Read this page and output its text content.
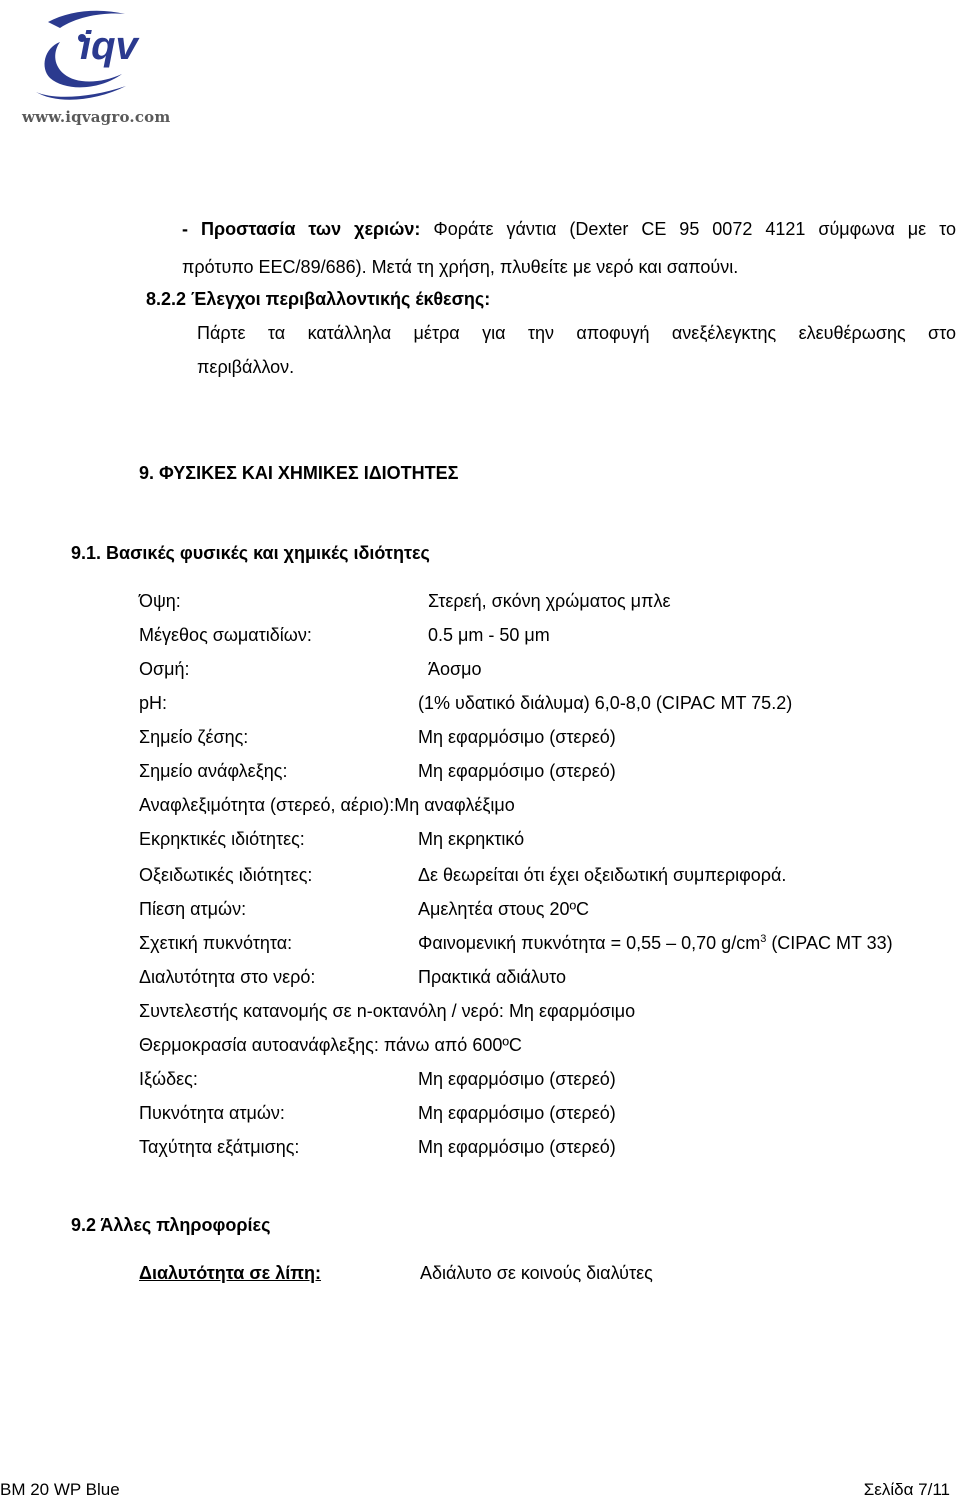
iqv
www.iqvagro.com
- Προστασία των χεριών: Φοράτε γάντια (Dexter CE 95 0072 4121 σύμφωνα με το
πρότυπο EEC/89/686). Μετά τη χρήση, πλυθείτε με νερό και σαπούνι.
8.2.2 Έλεγχοι περιβαλλοντικής έκθεσης:
Πάρτε τα κατάλληλα μέτρα για την αποφυγή ανεξέλεγκτης ελευθέρωσης στο
περιβάλλον.
9. ΦΥΣΙΚΕΣ ΚΑΙ ΧΗΜΙΚΕΣ ΙΔΙΟΤΗΤΕΣ
9.1. Βασικές φυσικές και χημικές ιδιότητες
Όψη:	Στερεή, σκόνη χρώματος μπλε
Μέγεθος σωματιδίων:	0.5 μm - 50 μm
Οσμή:	Άοσμο
pH:	(1% υδατικό διάλυμα) 6,0-8,0 (CIPAC MT 75.2)
Σημείο ζέσης:	Μη εφαρμόσιμο (στερεό)
Σημείο ανάφλεξης:	Μη εφαρμόσιμο (στερεό)
Αναφλεξιμότητα (στερεό, αέριο):Μη αναφλέξιμο
Εκρηκτικές ιδιότητες:	Μη εκρηκτικό
Οξειδωτικές ιδιότητες:	Δε θεωρείται ότι έχει οξειδωτική συμπεριφορά.
Πίεση ατμών:	Αμελητέα στους 20ºC
Σχετική πυκνότητα:	Φαινομενική πυκνότητα = 0,55 – 0,70 $g/cm^3$ (CIPAC MT 33)
Διαλυτότητα στο νερό:	Πρακτικά αδιάλυτο
Συντελεστής κατανομής σε n-οκτανόλη / νερό: Μη εφαρμόσιμο
Θερμοκρασία αυτοανάφλεξης: πάνω από 600ºC
Ιξώδες:	Μη εφαρμόσιμο (στερεό)
Πυκνότητα ατμών:	Μη εφαρμόσιμο (στερεό)
Ταχύτητα εξάτμισης:	Μη εφαρμόσιμο (στερεό)
9.2 Άλλες πληροφορίες
Διαλυτότητα σε λίπη:	Αδιάλυτο σε κοινούς διαλύτες
BM 20 WP Blue	Σελίδα 7/11
